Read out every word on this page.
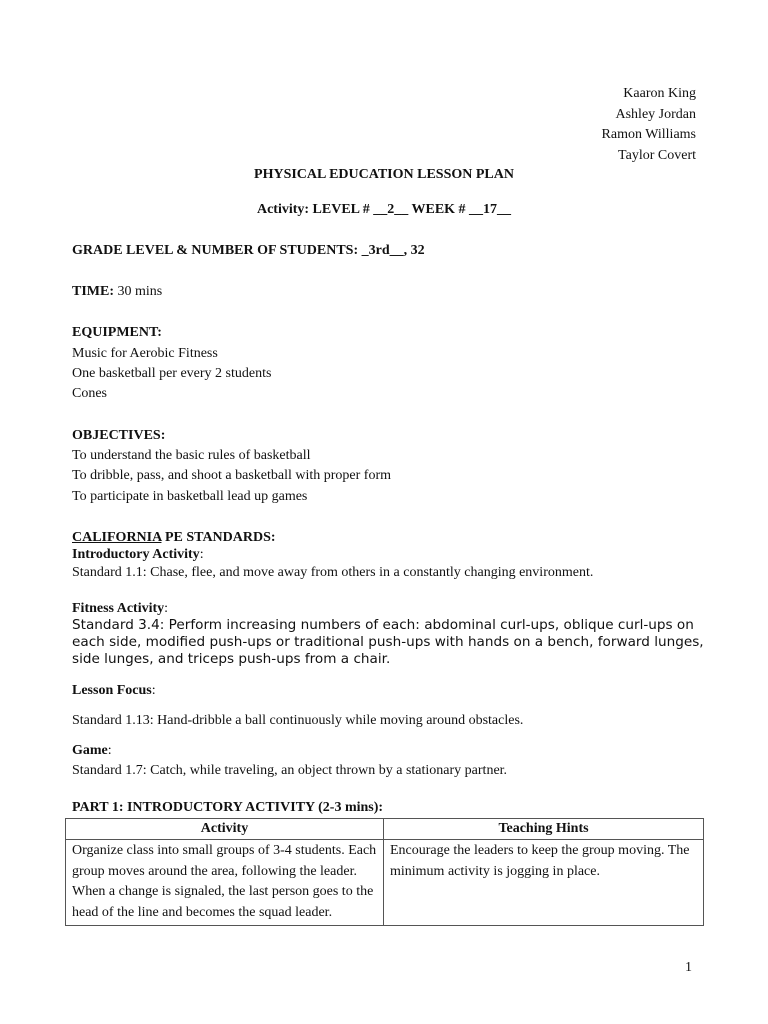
Kaaron King
Ashley Jordan
Ramon Williams
Taylor Covert
PHYSICAL EDUCATION LESSON PLAN
Activity: LEVEL # __2__ WEEK # __17__
GRADE LEVEL & NUMBER OF STUDENTS: _3rd__, 32
TIME: 30 mins
EQUIPMENT:
Music for Aerobic Fitness
One basketball per every 2 students
Cones
OBJECTIVES:
To understand the basic rules of basketball
To dribble, pass, and shoot a basketball with proper form
To participate in basketball lead up games
CALIFORNIA PE STANDARDS:
Introductory Activity:
Standard 1.1: Chase, flee, and move away from others in a constantly changing environment.
Fitness Activity:
Standard 3.4: Perform increasing numbers of each: abdominal curl-ups, oblique curl-ups on each side, modified push-ups or traditional push-ups with hands on a bench, forward lunges, side lunges, and triceps push-ups from a chair.
Lesson Focus:
Standard 1.13: Hand-dribble a ball continuously while moving around obstacles.
Game:
Standard 1.7: Catch, while traveling, an object thrown by a stationary partner.
PART 1: INTRODUCTORY ACTIVITY (2-3 mins):
Activity	Teaching Hints
Organize class into small groups of 3-4 students. Each group moves around the area, following the leader. When a change is signaled, the last person goes to the head of the line and becomes the squad leader.	Encourage the leaders to keep the group moving. The minimum activity is jogging in place.
1
